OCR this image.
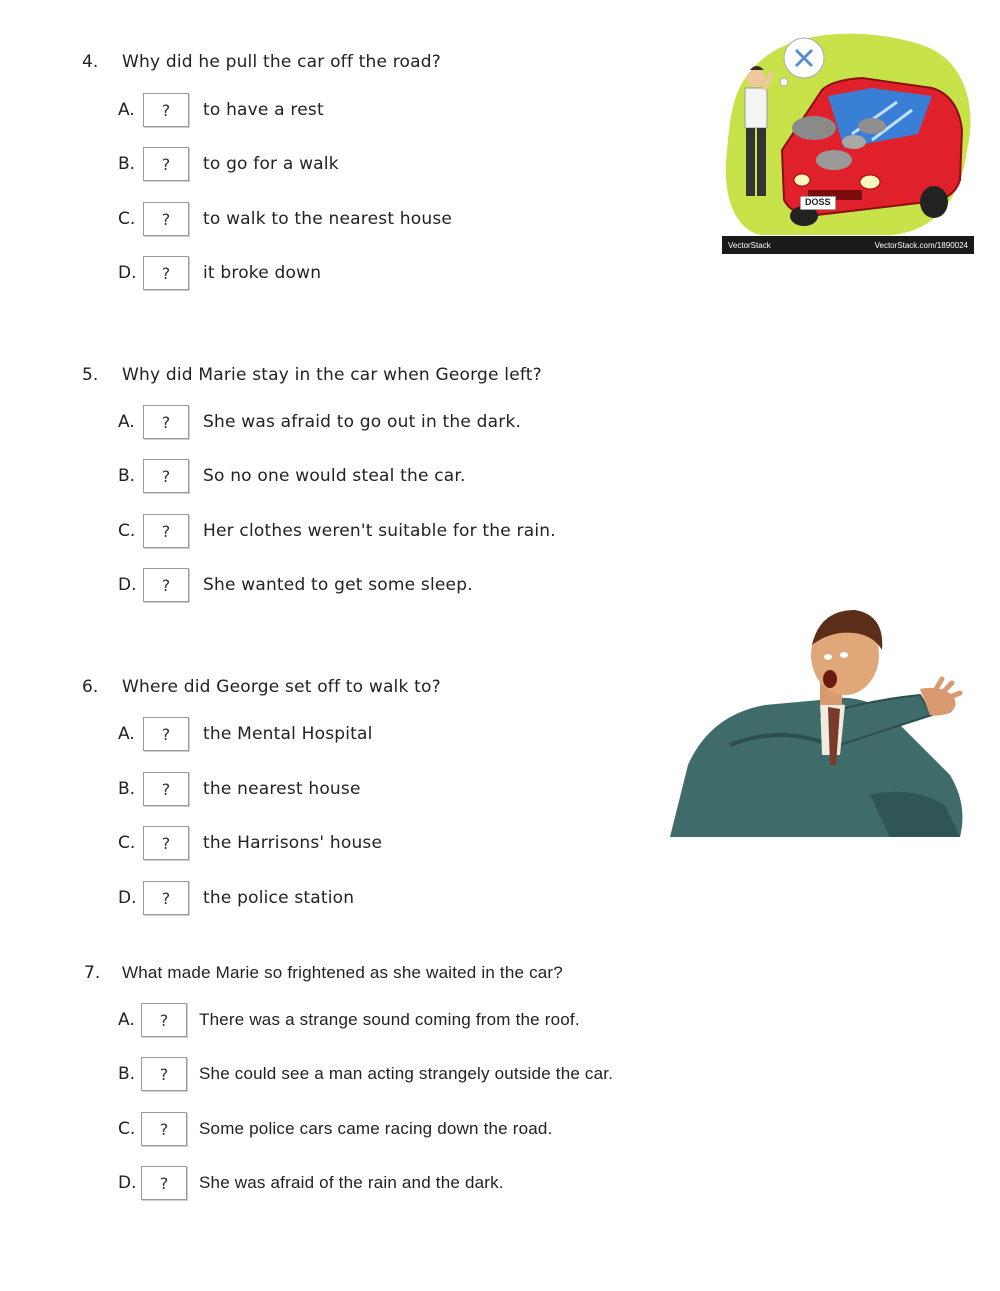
4. Why did he pull the car off the road?
A.	?	to have a rest
B.	?	to go for a walk
C.	?	to walk to the nearest house
D.	?	it broke down
DOSS
VectorStack	VectorStack.com/1890024
5. Why did Marie stay in the car when George left?
A.	?	She was afraid to go out in the dark.
B.	?	So no one would steal the car.
C.	?	Her clothes weren't suitable for the rain.
D.	?	She wanted to get some sleep.
6. Where did George set off to walk to?
A.	?	the Mental Hospital
B.	?	the nearest house
C.	?	the Harrisons' house
D.	?	the police station
7. What made Marie so frightened as she waited in the car?
A.	?	There was a strange sound coming from the roof.
B.	?	She could see a man acting strangely outside the car.
C.	?	Some police cars came racing down the road.
D.	?	She was afraid of the rain and the dark.
